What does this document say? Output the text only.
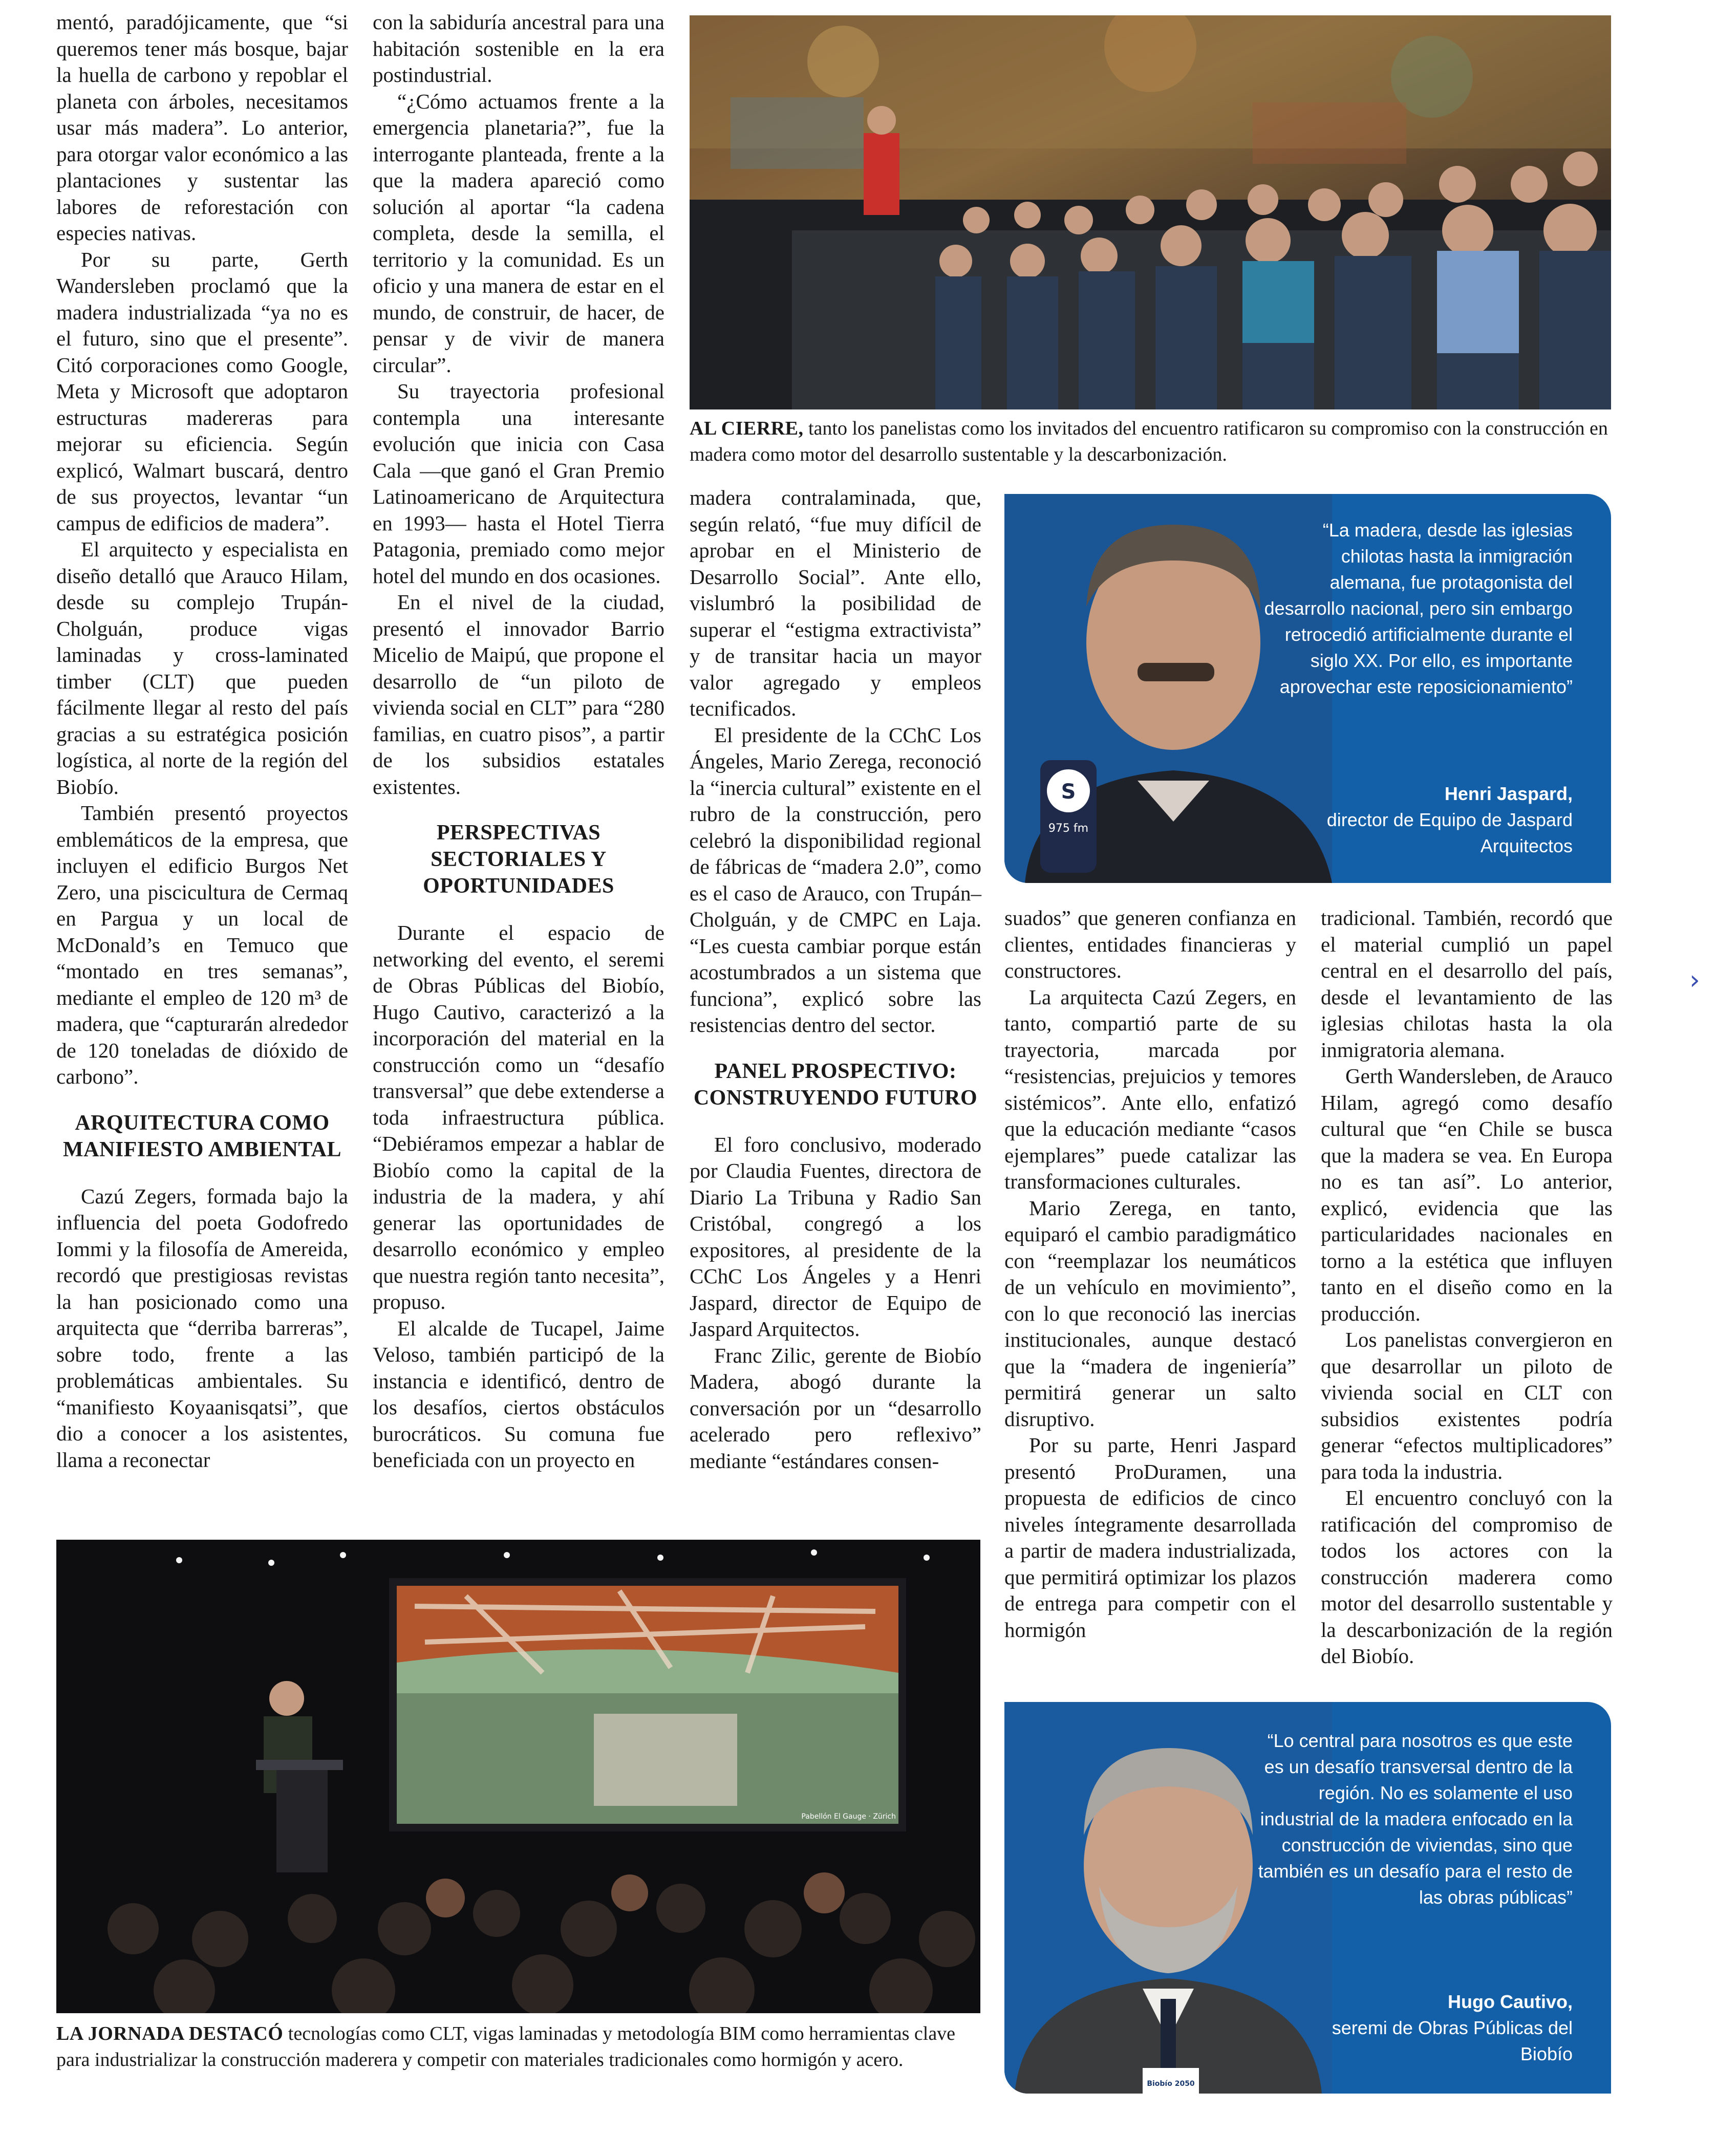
mentó, paradójicamente, que “si queremos tener más bosque, bajar la huella de carbono y repoblar el planeta con árboles, necesitamos usar más madera”. Lo anterior, para otorgar valor económico a las plantaciones y sustentar las labores de reforestación con especies nativas.

Por su parte, Gerth Wandersleben proclamó que la madera industrializada “ya no es el futuro, sino que el presente”. Citó corporaciones como Google, Meta y Microsoft que adoptaron estructuras madereras para mejorar su eficiencia. Según explicó, Walmart buscará, dentro de sus proyectos, levantar “un campus de edificios de madera”.

El arquitecto y especialista en diseño detalló que Arauco Hilam, desde su complejo Trupán-Cholguán, produce vigas laminadas y cross-laminated timber (CLT) que pueden fácilmente llegar al resto del país gracias a su estratégica posición logística, al norte de la región del Biobío.

También presentó proyectos emblemáticos de la empresa, que incluyen el edificio Burgos Net Zero, una piscicultura de Cermaq en Pargua y un local de McDonald’s en Temuco que “montado en tres semanas”, mediante el empleo de 120 m³ de madera, que “capturarán alrededor de 120 toneladas de dióxido de carbono”.

ARQUITECTURA COMO MANIFIESTO AMBIENTAL

Cazú Zegers, formada bajo la influencia del poeta Godofredo Iommi y la filosofía de Amereida, recordó que prestigiosas revistas la han posicionado como una arquitecta que “derriba barreras”, sobre todo, frente a las problemáticas ambientales. Su “manifiesto Koyaanisqatsi”, que dio a conocer a los asistentes, llama a reconectar

con la sabiduría ancestral para una habitación sostenible en la era postindustrial.

“¿Cómo actuamos frente a la emergencia planetaria?”, fue la interrogante planteada, frente a la que la madera apareció como solución al aportar “la cadena completa, desde la semilla, el territorio y la comunidad. Es un oficio y una manera de estar en el mundo, de construir, de hacer, de pensar y de vivir de manera circular”.

Su trayectoria profesional contempla una interesante evolución que inicia con Casa Cala —que ganó el Gran Premio Latinoamericano de Arquitectura en 1993— hasta el Hotel Tierra Patagonia, premiado como mejor hotel del mundo en dos ocasiones.

En el nivel de la ciudad, presentó el innovador Barrio Micelio de Maipú, que propone el desarrollo de “un piloto de vivienda social en CLT” para “280 familias, en cuatro pisos”, a partir de los subsidios estatales existentes.

PERSPECTIVAS SECTORIALES Y OPORTUNIDADES

Durante el espacio de networking del evento, el seremi de Obras Públicas del Biobío, Hugo Cautivo, caracterizó a la incorporación del material en la construcción como un “desafío transversal” que debe extenderse a toda infraestructura pública. “Debiéramos empezar a hablar de Biobío como la capital de la industria de la madera, y ahí generar las oportunidades de desarrollo económico y empleo que nuestra región tanto necesita”, propuso.

El alcalde de Tucapel, Jaime Veloso, también participó de la instancia e identificó, dentro de los desafíos, ciertos obstáculos burocráticos. Su comuna fue beneficiada con un proyecto en

madera contralaminada, que, según relató, “fue muy difícil de aprobar en el Ministerio de Desarrollo Social”. Ante ello, vislumbró la posibilidad de superar el “estigma extractivista” y de transitar hacia un mayor valor agregado y empleos tecnificados.

El presidente de la CChC Los Ángeles, Mario Zerega, reconoció la “inercia cultural” existente en el rubro de la construcción, pero celebró la disponibilidad regional de fábricas de “madera 2.0”, como es el caso de Arauco, con Trupán–Cholguán, y de CMPC en Laja. “Les cuesta cambiar porque están acostumbrados a un sistema que funciona”, explicó sobre las resistencias dentro del sector.

PANEL PROSPECTIVO: CONSTRUYENDO FUTURO

El foro conclusivo, moderado por Claudia Fuentes, directora de Diario La Tribuna y Radio San Cristóbal, congregó a los expositores, al presidente de la CChC Los Ángeles y a Henri Jaspard, director de Equipo de Jaspard Arquitectos.

Franc Zilic, gerente de Biobío Madera, abogó durante la conversación por un “desarrollo acelerado pero reflexivo” mediante “estándares consen-

suados” que generen confianza en clientes, entidades financieras y constructores.

La arquitecta Cazú Zegers, en tanto, compartió parte de su trayectoria, marcada por “resistencias, prejuicios y temores sistémicos”. Ante ello, enfatizó que la educación mediante “casos ejemplares” puede catalizar las transformaciones culturales.

Mario Zerega, en tanto, equiparó el cambio paradigmático con “reemplazar los neumáticos de un vehículo en movimiento”, con lo que reconoció las inercias institucionales, aunque destacó que la “madera de ingeniería” permitirá generar un salto disruptivo.

Por su parte, Henri Jaspard presentó ProDuramen, una propuesta de edificios de cinco niveles íntegramente desarrollada a partir de madera industrializada, que permitirá optimizar los plazos de entrega para competir con el hormigón

tradicional. También, recordó que el material cumplió un papel central en el desarrollo del país, desde el levantamiento de las iglesias chilotas hasta la ola inmigratoria alemana.

Gerth Wandersleben, de Arauco Hilam, agregó como desafío cultural que “en Chile se busca que la madera se vea. En Europa no es tan así”. Lo anterior, explicó, evidencia que las particularidades nacionales en torno a la estética que influyen tanto en el diseño como en la producción.

Los panelistas convergieron en que desarrollar un piloto de vivienda social en CLT con subsidios existentes podría generar “efectos multiplicadores” para toda la industria.

El encuentro concluyó con la ratificación del compromiso de todos los actores con la construcción maderera como motor del desarrollo sustentable y la descarbonización de la región del Biobío.

AL CIERRE, tanto los panelistas como los invitados del encuentro ratificaron su compromiso con la construcción en madera como motor del desarrollo sustentable y la descarbonización.
S
975 fm
“La madera, desde las iglesias chilotas hasta la inmigración alemana, fue protagonista del desarrollo nacional, pero sin embargo retrocedió artificialmente durante el siglo XX. Por ello, es importante aprovechar este reposicionamiento”
Henri Jaspard,
director de Equipo de Jaspard Arquitectos
Pabellón El Gauge · Zürich
LA JORNADA DESTACÓ tecnologías como CLT, vigas laminadas y metodología BIM como herramientas clave para industrializar la construcción maderera y competir con materiales tradicionales como hormigón y acero.
Biobío 2050
“Lo central para nosotros es que este es un desafío transversal dentro de la región. No es solamente el uso industrial de la madera enfocado en la construcción de viviendas, sino que también es un desafío para el resto de las obras públicas”
Hugo Cautivo,
seremi de Obras Públicas del Biobío
›
